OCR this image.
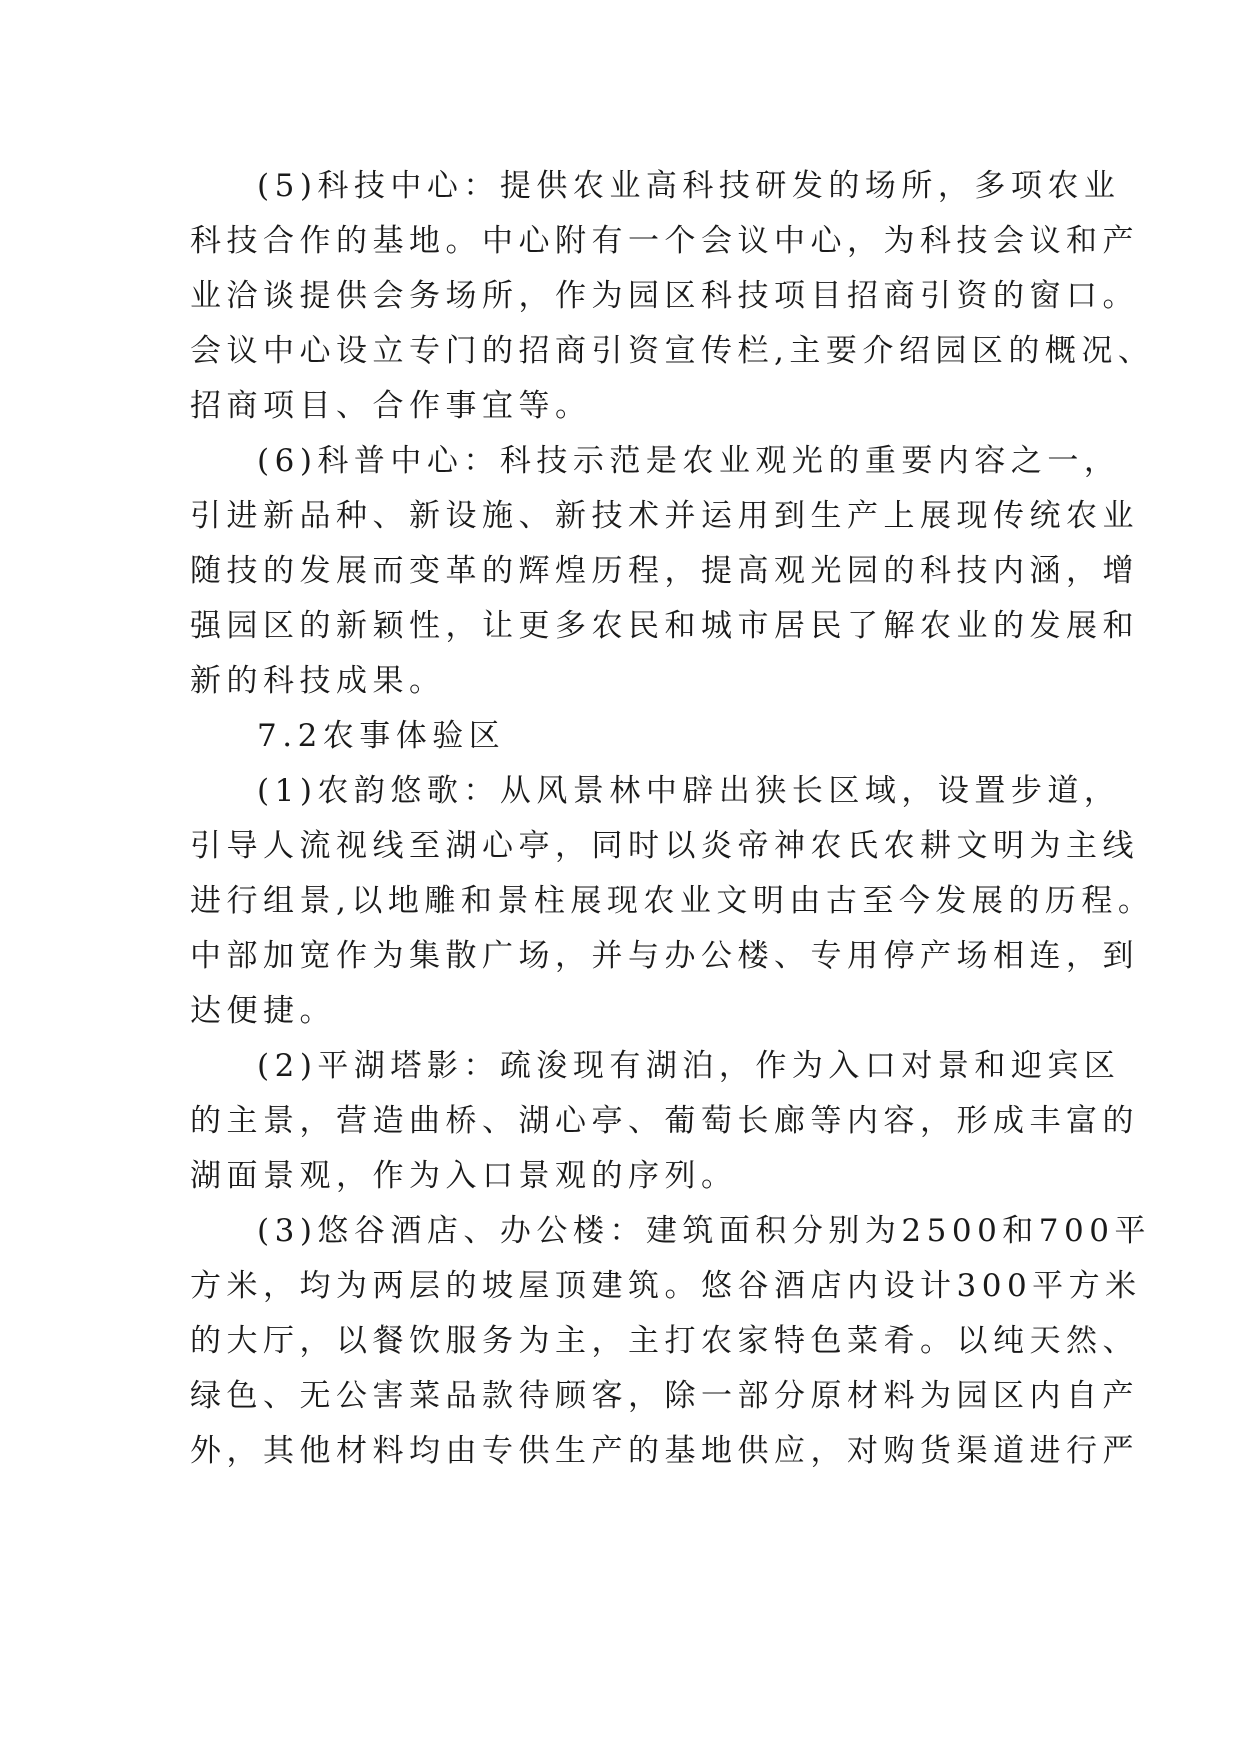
(5)科技中心：提供农业高科技研发的场所，多项农业
科技合作的基地。中心附有一个会议中心，为科技会议和产
业洽谈提供会务场所，作为园区科技项目招商引资的窗口。
会议中心设立专门的招商引资宣传栏,主要介绍园区的概况、
招商项目、合作事宜等。
(6)科普中心：科技示范是农业观光的重要内容之一，
引进新品种、新设施、新技术并运用到生产上展现传统农业
随技的发展而变革的辉煌历程，提高观光园的科技内涵，增
强园区的新颖性，让更多农民和城市居民了解农业的发展和
新的科技成果。
7.2农事体验区
(1)农韵悠歌：从风景林中辟出狭长区域，设置步道，
引导人流视线至湖心亭，同时以炎帝神农氏农耕文明为主线
进行组景,以地雕和景柱展现农业文明由古至今发展的历程。
中部加宽作为集散广场，并与办公楼、专用停产场相连，到
达便捷。
(2)平湖塔影：疏浚现有湖泊，作为入口对景和迎宾区
的主景，营造曲桥、湖心亭、葡萄长廊等内容，形成丰富的
湖面景观，作为入口景观的序列。
(3)悠谷酒店、办公楼：建筑面积分别为2500和700平
方米，均为两层的坡屋顶建筑。悠谷酒店内设计300平方米
的大厅，以餐饮服务为主，主打农家特色菜肴。以纯天然、
绿色、无公害菜品款待顾客，除一部分原材料为园区内自产
外，其他材料均由专供生产的基地供应，对购货渠道进行严
